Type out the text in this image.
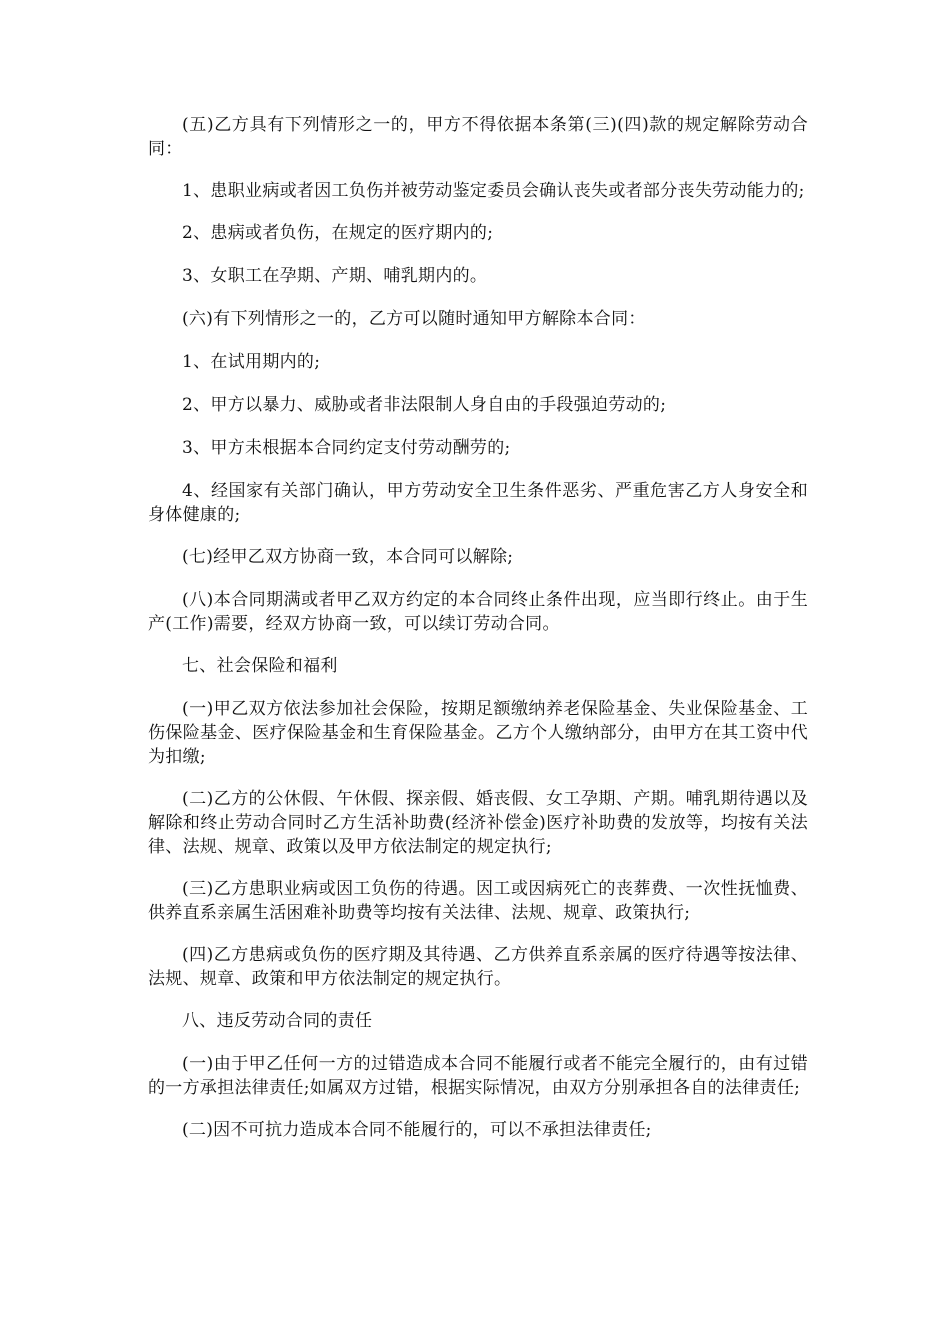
(五)乙方具有下列情形之一的，甲方不得依据本条第(三)(四)款的规定解除劳动合同：

1、患职业病或者因工负伤并被劳动鉴定委员会确认丧失或者部分丧失劳动能力的;

2、患病或者负伤，在规定的医疗期内的;

3、女职工在孕期、产期、哺乳期内的。

(六)有下列情形之一的，乙方可以随时通知甲方解除本合同：

1、在试用期内的;

2、甲方以暴力、威胁或者非法限制人身自由的手段强迫劳动的;

3、甲方未根据本合同约定支付劳动酬劳的;

4、经国家有关部门确认，甲方劳动安全卫生条件恶劣、严重危害乙方人身安全和身体健康的;

(七)经甲乙双方协商一致，本合同可以解除;

(八)本合同期满或者甲乙双方约定的本合同终止条件出现，应当即行终止。由于生产(工作)需要，经双方协商一致，可以续订劳动合同。

七、社会保险和福利

(一)甲乙双方依法参加社会保险，按期足额缴纳养老保险基金、失业保险基金、工伤保险基金、医疗保险基金和生育保险基金。乙方个人缴纳部分，由甲方在其工资中代为扣缴;

(二)乙方的公休假、午休假、探亲假、婚丧假、女工孕期、产期。哺乳期待遇以及解除和终止劳动合同时乙方生活补助费(经济补偿金)医疗补助费的发放等，均按有关法律、法规、规章、政策以及甲方依法制定的规定执行;

(三)乙方患职业病或因工负伤的待遇。因工或因病死亡的丧葬费、一次性抚恤费、供养直系亲属生活困难补助费等均按有关法律、法规、规章、政策执行;

(四)乙方患病或负伤的医疗期及其待遇、乙方供养直系亲属的医疗待遇等按法律、法规、规章、政策和甲方依法制定的规定执行。

八、违反劳动合同的责任

(一)由于甲乙任何一方的过错造成本合同不能履行或者不能完全履行的，由有过错的一方承担法律责任;如属双方过错，根据实际情况，由双方分别承担各自的法律责任;

(二)因不可抗力造成本合同不能履行的，可以不承担法律责任;
